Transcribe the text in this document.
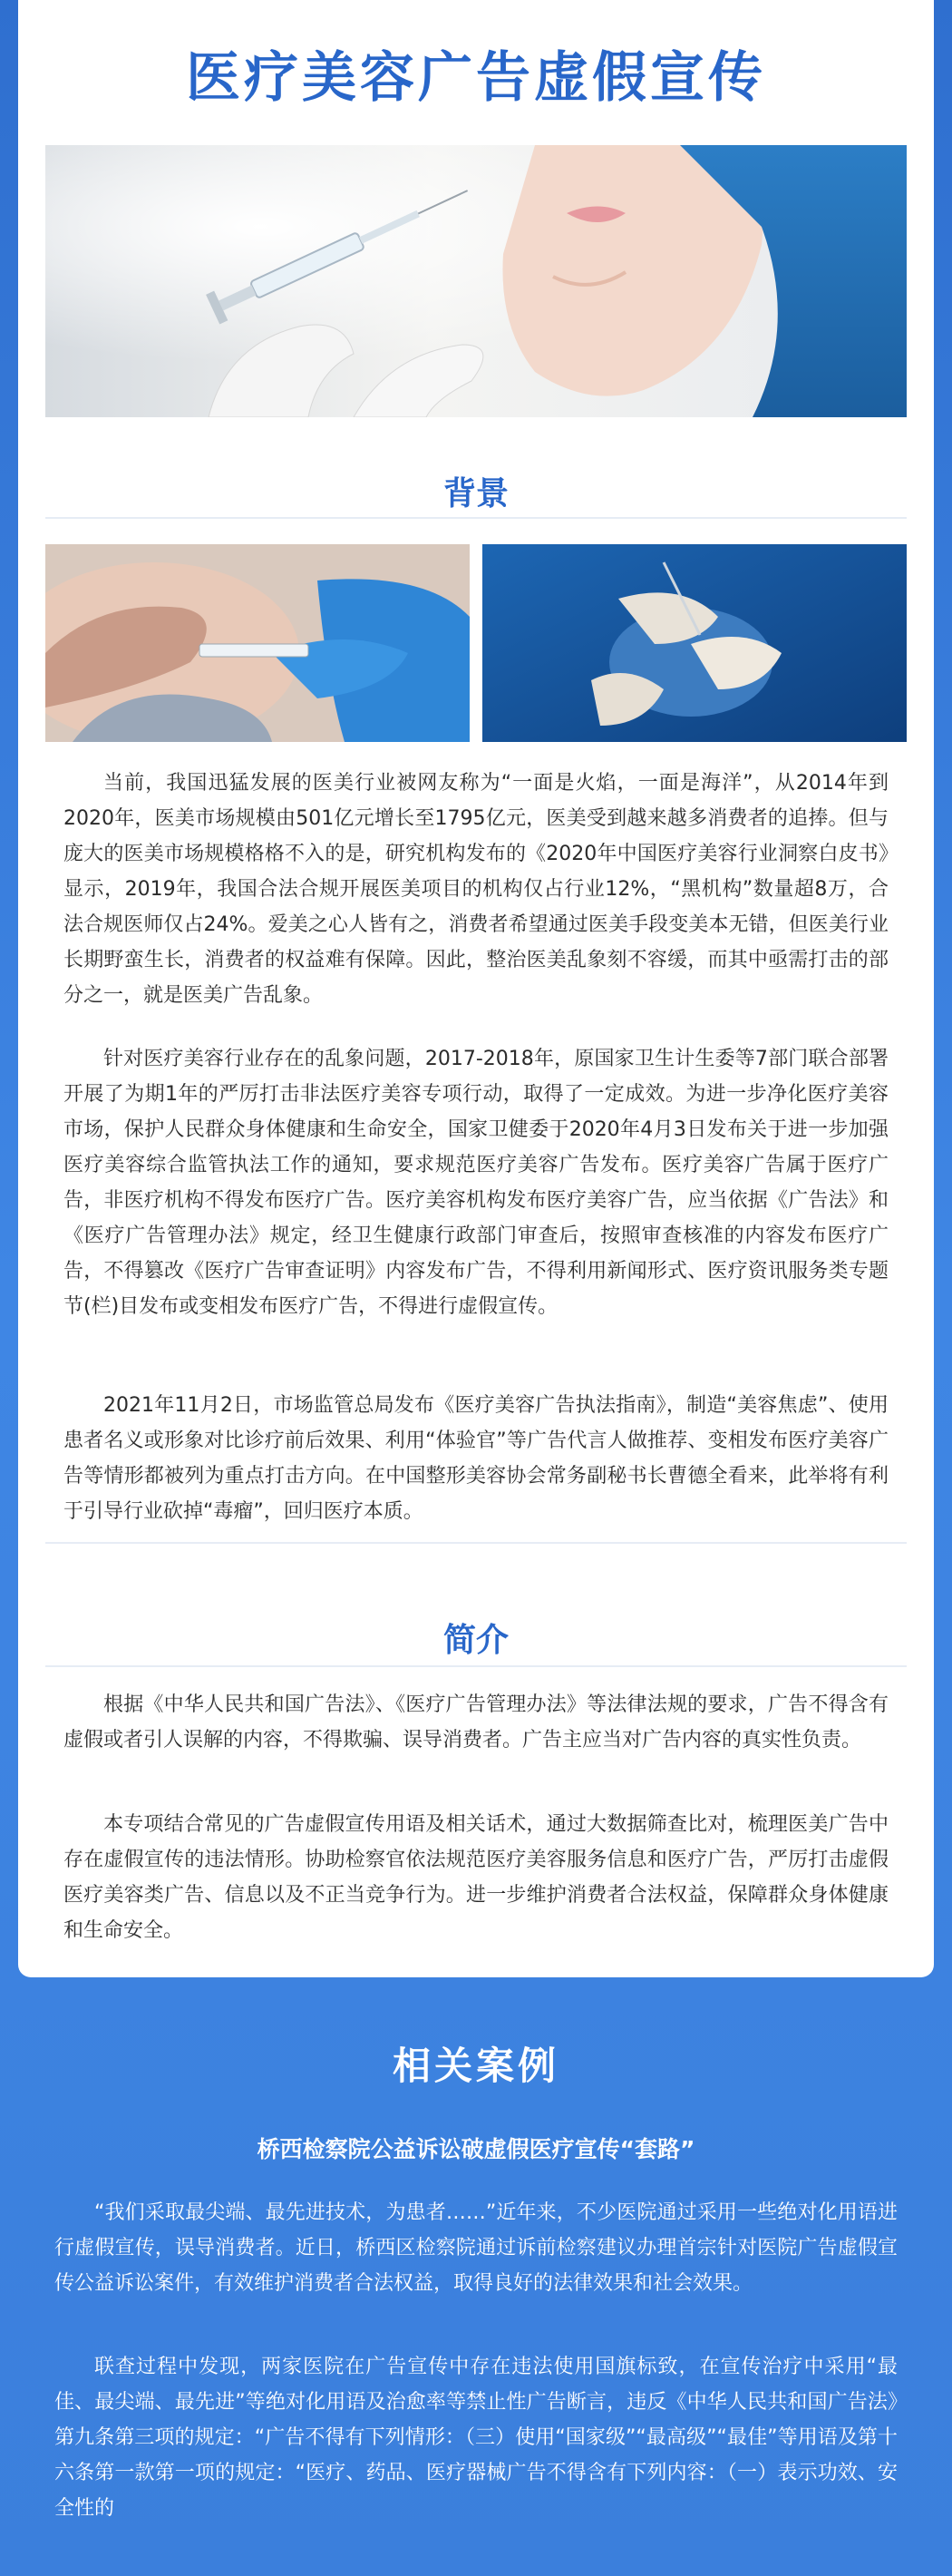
医疗美容广告虚假宣传
背景

当前，我国迅猛发展的医美行业被网友称为“一面是火焰，一面是海洋”，从2014年到2020年，医美市场规模由501亿元增长至1795亿元，医美受到越来越多消费者的追捧。但与庞大的医美市场规模格格不入的是，研究机构发布的《2020年中国医疗美容行业洞察白皮书》显示，2019年，我国合法合规开展医美项目的机构仅占行业12%，“黑机构”数量超8万，合法合规医师仅占24%。爱美之心人皆有之，消费者希望通过医美手段变美本无错，但医美行业长期野蛮生长，消费者的权益难有保障。因此，整治医美乱象刻不容缓，而其中亟需打击的部分之一，就是医美广告乱象。

针对医疗美容行业存在的乱象问题，2017-2018年，原国家卫生计生委等7部门联合部署开展了为期1年的严厉打击非法医疗美容专项行动，取得了一定成效。为进一步净化医疗美容市场，保护人民群众身体健康和生命安全，国家卫健委于2020年4月3日发布关于进一步加强医疗美容综合监管执法工作的通知，要求规范医疗美容广告发布。医疗美容广告属于医疗广告，非医疗机构不得发布医疗广告。医疗美容机构发布医疗美容广告，应当依据《广告法》和《医疗广告管理办法》规定，经卫生健康行政部门审查后，按照审查核准的内容发布医疗广告，不得篡改《医疗广告审查证明》内容发布广告，不得利用新闻形式、医疗资讯服务类专题节(栏)目发布或变相发布医疗广告，不得进行虚假宣传。

2021年11月2日，市场监管总局发布《医疗美容广告执法指南》，制造“美容焦虑”、使用患者名义或形象对比诊疗前后效果、利用“体验官”等广告代言人做推荐、变相发布医疗美容广告等情形都被列为重点打击方向。在中国整形美容协会常务副秘书长曹德全看来，此举将有利于引导行业砍掉“毒瘤”，回归医疗本质。

简介

根据《中华人民共和国广告法》、《医疗广告管理办法》等法律法规的要求，广告不得含有虚假或者引人误解的内容，不得欺骗、误导消费者。广告主应当对广告内容的真实性负责。

本专项结合常见的广告虚假宣传用语及相关话术，通过大数据筛查比对，梳理医美广告中存在虚假宣传的违法情形。协助检察官依法规范医疗美容服务信息和医疗广告，严厉打击虚假医疗美容类广告、信息以及不正当竞争行为。进一步维护消费者合法权益，保障群众身体健康和生命安全。

相关案例
桥西检察院公益诉讼破虚假医疗宣传“套路”

“我们采取最尖端、最先进技术，为患者……”近年来，不少医院通过采用一些绝对化用语进行虚假宣传，误导消费者。近日，桥西区检察院通过诉前检察建议办理首宗针对医院广告虚假宣传公益诉讼案件，有效维护消费者合法权益，取得良好的法律效果和社会效果。

联查过程中发现，两家医院在广告宣传中存在违法使用国旗标致，在宣传治疗中采用“最佳、最尖端、最先进”等绝对化用语及治愈率等禁止性广告断言，违反《中华人民共和国广告法》第九条第三项的规定：“广告不得有下列情形：（三）使用“国家级”“最高级”“最佳”等用语及第十六条第一款第一项的规定：“医疗、药品、医疗器械广告不得含有下列内容：（一）表示功效、安全性的
